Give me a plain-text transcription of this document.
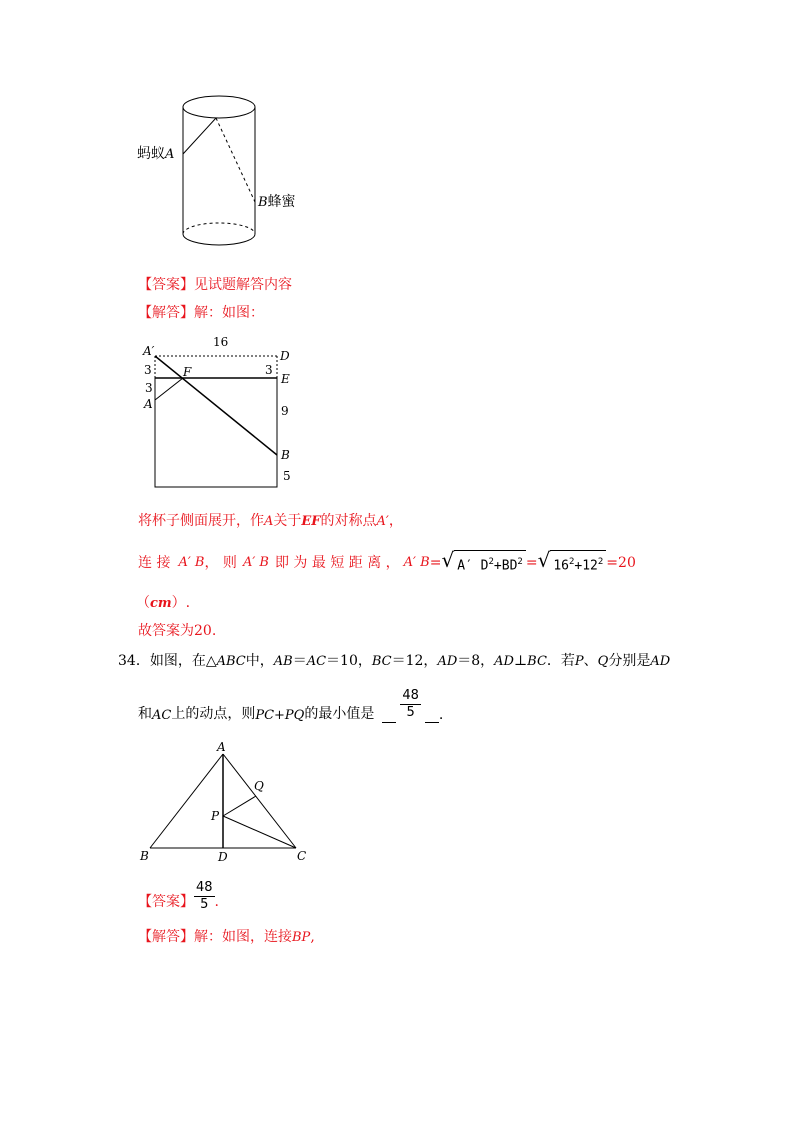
蚂蚁A
B蜂蜜
【答案】见试题解答内容
【解答】解：如图：
16
A′	D
E
F
A
B
3
3
3
9
5
将杯子侧面展开，作A关于EF的对称点A′，
连 接 A′ B ， 则 A′ B 即 为 最 短 距 离 ， A′ B = √ A′ $D^2+BD^2$ = √ $16^2+12^2 = 20$
（cm）.
故答案为20.
34．如图，在△ABC中，AB＝AC＝10，BC＝12，AD＝8，AD⊥BC．若P、Q分别是AD
和 AC 上的动点，则 PC+PQ 的最小值是 $\frac{48}{5}$ .
A
B	C
D
P
Q
【答案】 $\frac{48}{5}$ .
【解答】解：如图，连接BP,
